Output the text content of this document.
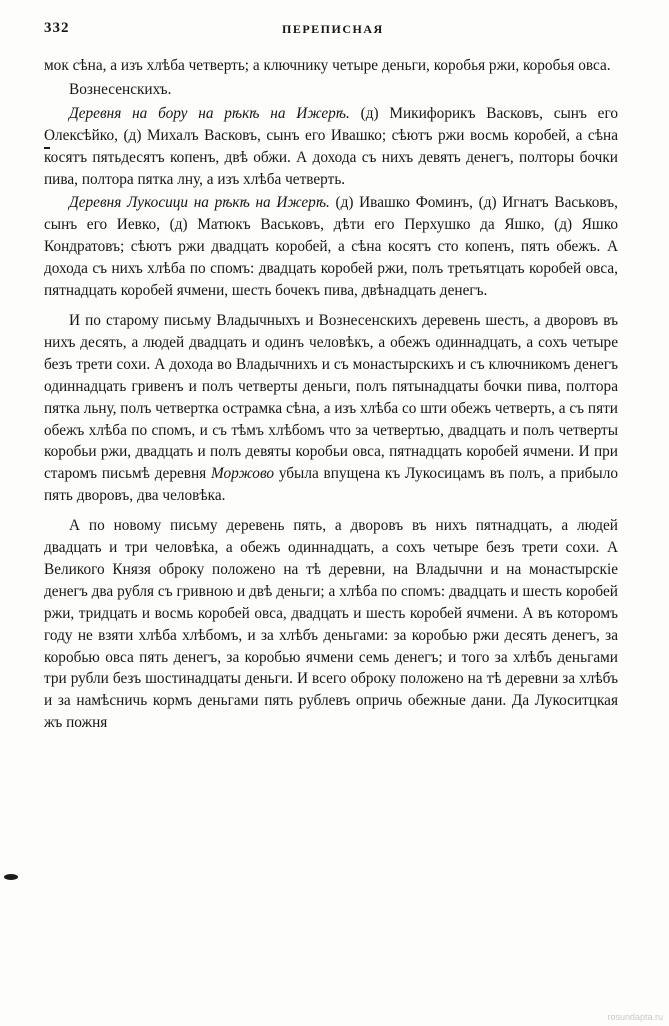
332	ПЕРЕПИСНАЯ

мок сѣна, а изъ хлѣба четверть; а ключнику четыре деньги, коробья ржи, коробья овса.

Вознесенскихъ.

Деревня на бору на рѣкѣ на Ижерѣ. (д) Микифорикъ Васковъ, сынъ его Олексѣйко, (д) Михалъ Васковъ, сынъ его Ивашко; сѣютъ ржи восмь коробей, а сѣна косятъ пятьдесятъ копенъ, двѣ обжи. А дохода съ нихъ девять денегъ, полторы бочки пива, полтора пятка лну, а изъ хлѣба четверть.

Деревня Лукосици на рѣкѣ на Ижерѣ. (д) Ивашко Фоминъ, (д) Игнатъ Васьковъ, сынъ его Иевко, (д) Матюкъ Васьковъ, дѣти его Перхушко да Яшко, (д) Яшко Кондратовъ; сѣютъ ржи двадцать коробей, а сѣна косятъ сто копенъ, пять обежъ. А дохода съ нихъ хлѣба по спомъ: двадцать коробей ржи, полъ третьятцать коробей овса, пятнадцать коробей ячмени, шесть бочекъ пива, двѣнадцать денегъ.

И по старому письму Владычныхъ и Вознесенскихъ деревень шесть, а дворовъ въ нихъ десять, а людей двадцать и одинъ человѣкъ, а обежъ одиннадцать, а сохъ четыре безъ трети сохи. А дохода во Владычнихъ и съ монастырскихъ и съ ключникомъ денегъ одиннадцать гривенъ и полъ четверты деньги, полъ пятынадцаты бочки пива, полтора пятка льну, полъ четвертка острамка сѣна, а изъ хлѣба со шти обежъ четверть, а съ пяти обежъ хлѣба по спомъ, и съ тѣмъ хлѣбомъ что за четвертью, двадцать и полъ четверты коробьи ржи, двадцать и полъ девяты коробьи овса, пятнадцать коробей ячмени. И при старомъ письмѣ деревня Моржово убыла впущена къ Лукосицамъ въ полъ, а прибыло пять дворовъ, два человѣка.

А по новому письму деревень пять, а дворовъ въ нихъ пятнадцать, а людей двадцать и три человѣка, а обежъ одиннадцать, а сохъ четыре безъ трети сохи. А Великого Князя оброку положено на тѣ деревни, на Владычни и на монастырскіе денегъ два рубля съ гривною и двѣ деньги; а хлѣба по спомъ: двадцать и шесть коробей ржи, тридцать и восмь коробей овса, двадцать и шесть коробей ячмени. А въ которомъ году не взяти хлѣба хлѣбомъ, и за хлѣбъ деньгами: за коробью ржи десять денегъ, за коробью овса пять денегъ, за коробью ячмени семь денегъ; и того за хлѣбъ деньгами три рубли безъ шостинадцаты деньги. И всего оброку положено на тѣ деревни за хлѣбъ и за намѣсничь кормъ деньгами пять рублевъ опричь обежные дани. Да Лукоситцкая жъ пожня

rosundapta.ru
